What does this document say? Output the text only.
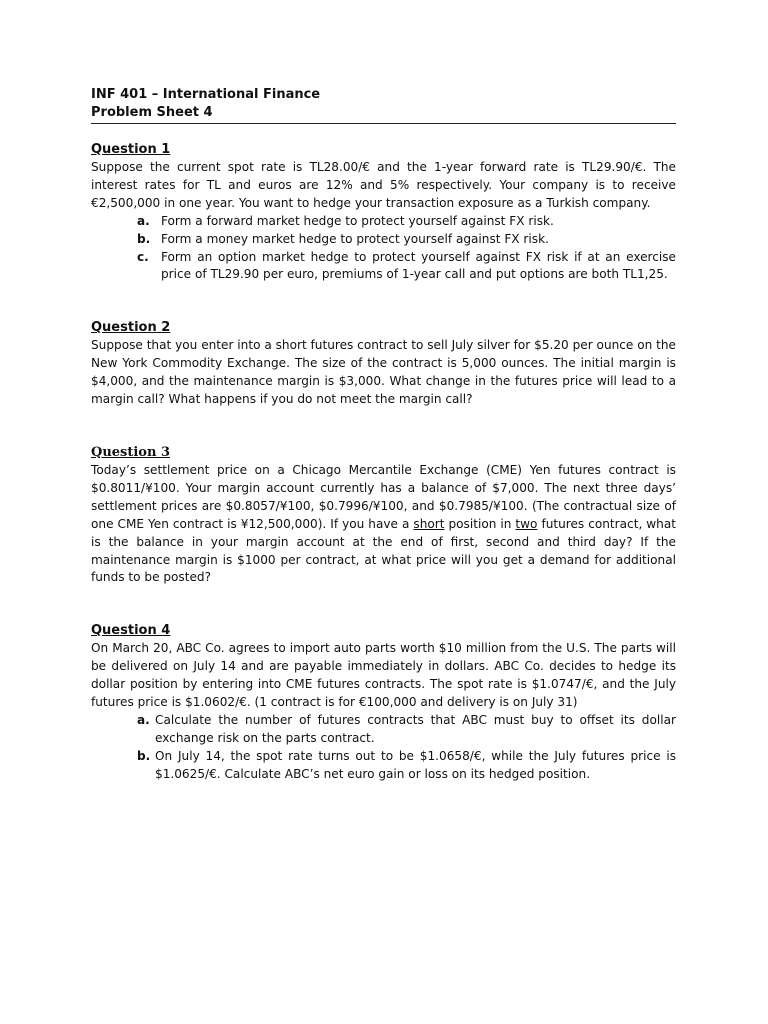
INF 401 – International Finance
Problem Sheet 4
Question 1

Suppose the current spot rate is TL28.00/€ and the 1-year forward rate is TL29.90/€. The interest rates for TL and euros are 12% and 5% respectively. Your company is to receive €2,500,000 in one year. You want to hedge your transaction exposure as a Turkish company.

a. Form a forward market hedge to protect yourself against FX risk.
b. Form a money market hedge to protect yourself against FX risk.
c.	Form an option market hedge to protect yourself against FX risk if at an exercise price of TL29.90 per euro, premiums of 1-year call and put options are both TL1,25.
Question 2

Suppose that you enter into a short futures contract to sell July silver for $5.20 per ounce on the New York Commodity Exchange. The size of the contract is 5,000 ounces. The initial margin is $4,000, and the maintenance margin is $3,000. What change in the futures price will lead to a margin call? What happens if you do not meet the margin call?

Question 3

Today’s settlement price on a Chicago Mercantile Exchange (CME) Yen futures contract is $0.8011/¥100. Your margin account currently has a balance of $7,000. The next three days’ settlement prices are $0.8057/¥100, $0.7996/¥100, and $0.7985/¥100. (The contractual size of one CME Yen contract is ¥12,500,000). If you have a short position in two futures contract, what is the balance in your margin account at the end of first, second and third day? If the maintenance margin is $1000 per contract, at what price will you get a demand for additional funds to be posted?

Question 4

On March 20, ABC Co. agrees to import auto parts worth $10 million from the U.S. The parts will be delivered on July 14 and are payable immediately in dollars. ABC Co. decides to hedge its dollar position by entering into CME futures contracts. The spot rate is $1.0747/€, and the July futures price is $1.0602/€. (1 contract is for €100,000 and delivery is on July 31)

a. Calculate the number of futures contracts that ABC must buy to offset its dollar exchange risk on the parts contract.
b. On July 14, the spot rate turns out to be $1.0658/€, while the July futures price is $1.0625/€. Calculate ABC’s net euro gain or loss on its hedged position.
